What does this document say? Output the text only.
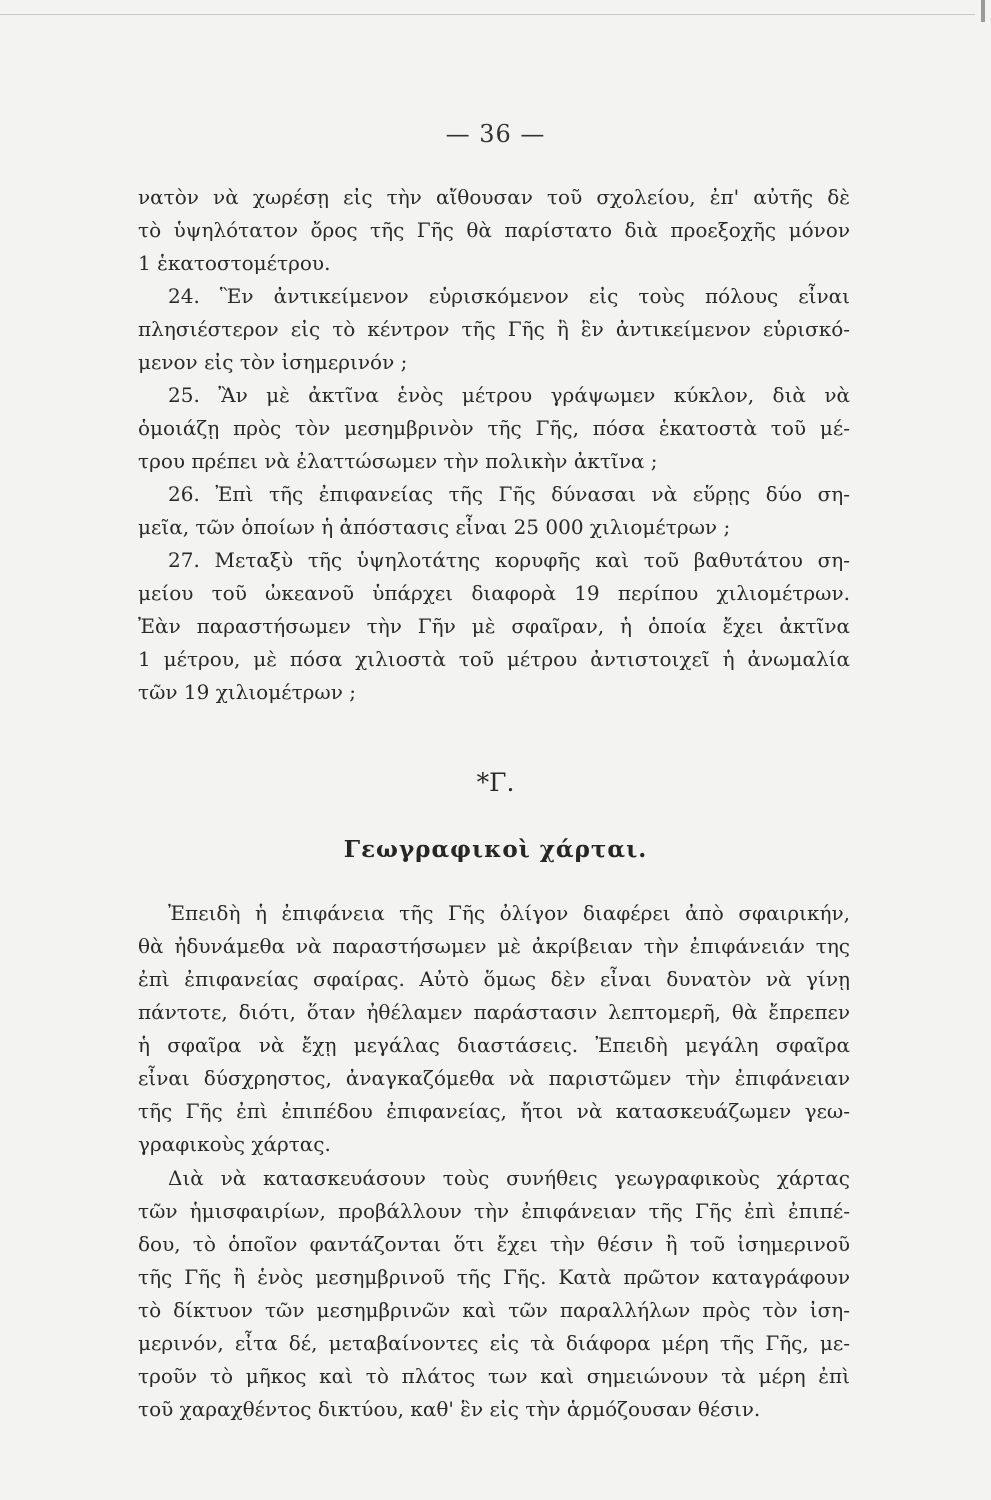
— 36 —
νατὸν νὰ χωρέσῃ εἰς τὴν αἴθουσαν τοῦ σχολείου, ἐπ' αὐτῆς δὲ
τὸ ὑψηλότατον ὄρος τῆς Γῆς θὰ παρίστατο διὰ προεξοχῆς μόνον
1 ἑκατοστομέτρου.
24. Ἓν ἀντικείμενον εὑρισκόμενον εἰς τοὺς πόλους εἶναι
πλησιέστερον εἰς τὸ κέντρον τῆς Γῆς ἢ ἓν ἀντικείμενον εὑρισκό-
μενον εἰς τὸν ἰσημερινόν ;
25. Ἂν μὲ ἀκτῖνα ἑνὸς μέτρου γράψωμεν κύκλον, διὰ νὰ
ὁμοιάζῃ πρὸς τὸν μεσημβρινὸν τῆς Γῆς, πόσα ἑκατοστὰ τοῦ μέ-
τρου πρέπει νὰ ἐλαττώσωμεν τὴν πολικὴν ἀκτῖνα ;
26. Ἐπὶ τῆς ἐπιφανείας τῆς Γῆς δύνασαι νὰ εὕρῃς δύο ση-
μεῖα, τῶν ὁποίων ἡ ἀπόστασις εἶναι 25 000 χιλιομέτρων ;
27. Μεταξὺ τῆς ὑψηλοτάτης κορυφῆς καὶ τοῦ βαθυτάτου ση-
μείου τοῦ ὠκεανοῦ ὑπάρχει διαφορὰ 19 περίπου χιλιομέτρων.
Ἐὰν παραστήσωμεν τὴν Γῆν μὲ σφαῖραν, ἡ ὁποία ἔχει ἀκτῖνα
1 μέτρου, μὲ πόσα χιλιοστὰ τοῦ μέτρου ἀντιστοιχεῖ ἡ ἀνωμαλία
τῶν 19 χιλιομέτρων ;
*Γ.
Γεωγραφικοὶ χάρται.
Ἐπειδὴ ἡ ἐπιφάνεια τῆς Γῆς ὀλίγον διαφέρει ἀπὸ σφαιρικήν,
θὰ ἠδυνάμεθα νὰ παραστήσωμεν μὲ ἀκρίβειαν τὴν ἐπιφάνειάν της
ἐπὶ ἐπιφανείας σφαίρας. Αὐτὸ ὅμως δὲν εἶναι δυνατὸν νὰ γίνῃ
πάντοτε, διότι, ὅταν ἠθέλαμεν παράστασιν λεπτομερῆ, θὰ ἔπρεπεν
ἡ σφαῖρα νὰ ἔχῃ μεγάλας διαστάσεις. Ἐπειδὴ μεγάλη σφαῖρα
εἶναι δύσχρηστος, ἀναγκαζόμεθα νὰ παριστῶμεν τὴν ἐπιφάνειαν
τῆς Γῆς ἐπὶ ἐπιπέδου ἐπιφανείας, ἤτοι νὰ κατασκευάζωμεν γεω-
γραφικοὺς χάρτας.
Διὰ νὰ κατασκευάσουν τοὺς συνήθεις γεωγραφικοὺς χάρτας
τῶν ἡμισφαιρίων, προβάλλουν τὴν ἐπιφάνειαν τῆς Γῆς ἐπὶ ἐπιπέ-
δου, τὸ ὁποῖον φαντάζονται ὅτι ἔχει τὴν θέσιν ἢ τοῦ ἰσημερινοῦ
τῆς Γῆς ἢ ἑνὸς μεσημβρινοῦ τῆς Γῆς. Κατὰ πρῶτον καταγράφουν
τὸ δίκτυον τῶν μεσημβρινῶν καὶ τῶν παραλλήλων πρὸς τὸν ἰση-
μερινόν, εἶτα δέ, μεταβαίνοντες εἰς τὰ διάφορα μέρη τῆς Γῆς, με-
τροῦν τὸ μῆκος καὶ τὸ πλάτος των καὶ σημειώνουν τὰ μέρη ἐπὶ
τοῦ χαραχθέντος δικτύου, καθ' ἓν εἰς τὴν ἁρμόζουσαν θέσιν.
